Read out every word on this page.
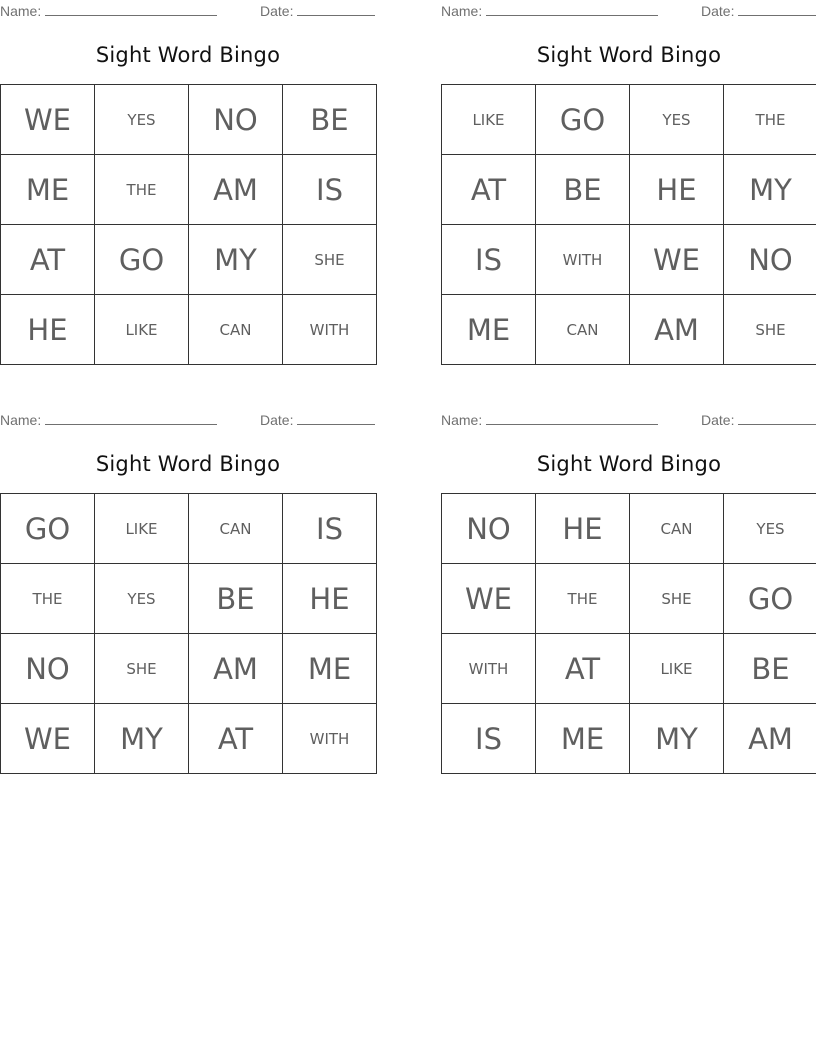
Name:	Date:
Sight Word Bingo
WE	YES	NO	BE
ME	THE	AM	IS
AT	GO	MY	SHE
HE	LIKE	CAN	WITH
Name:	Date:
Sight Word Bingo
LIKE	GO	YES	THE
AT	BE	HE	MY
IS	WITH	WE	NO
ME	CAN	AM	SHE
Name:	Date:
Sight Word Bingo
GO	LIKE	CAN	IS
THE	YES	BE	HE
NO	SHE	AM	ME
WE	MY	AT	WITH
Name:	Date:
Sight Word Bingo
NO	HE	CAN	YES
WE	THE	SHE	GO
WITH	AT	LIKE	BE
IS	ME	MY	AM
